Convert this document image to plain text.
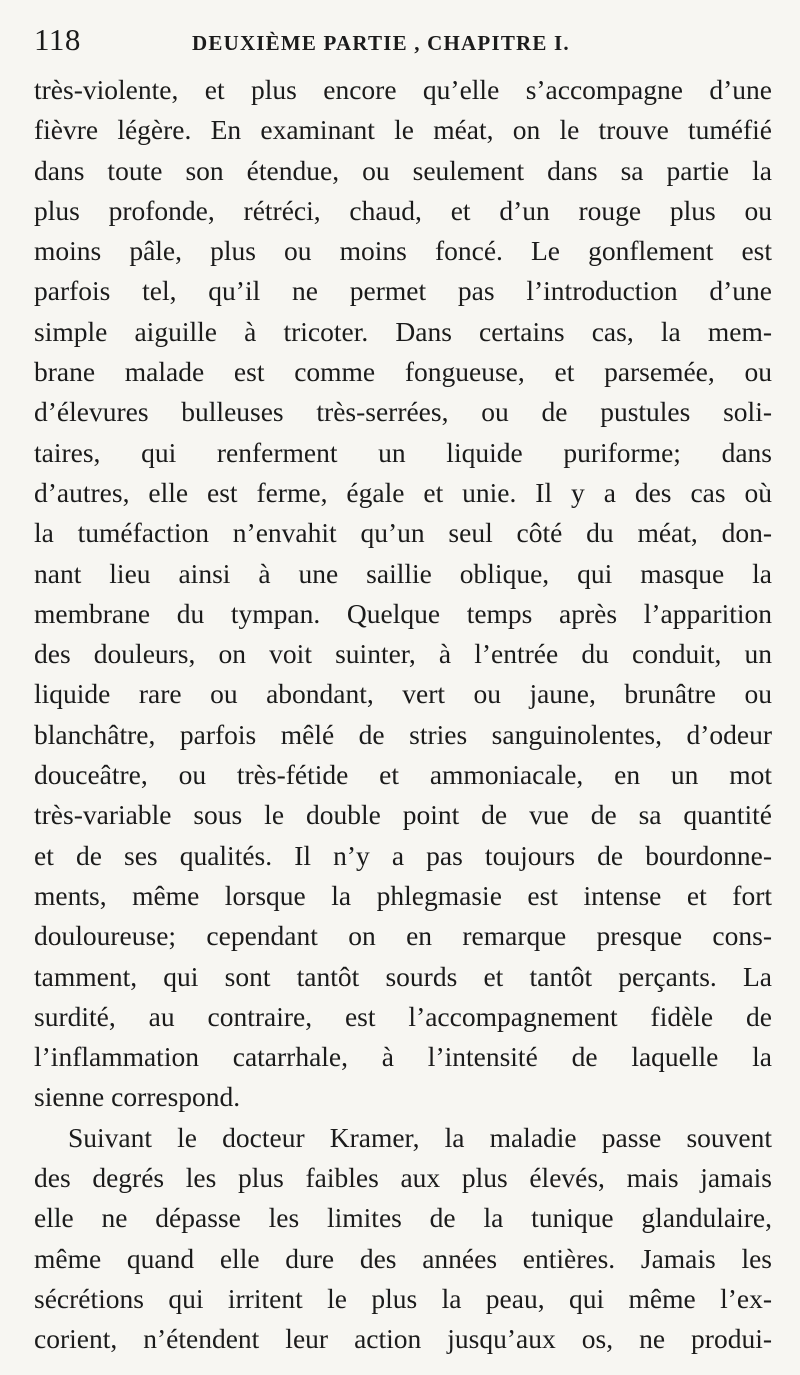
118	DEUXIÈME PARTIE , CHAPITRE I.
très-violente, et plus encore qu’elle s’accompagne d’une
fièvre légère. En examinant le méat, on le trouve tuméfié
dans toute son étendue, ou seulement dans sa partie la
plus profonde, rétréci, chaud, et d’un rouge plus ou
moins pâle, plus ou moins foncé. Le gonflement est
parfois tel, qu’il ne permet pas l’introduction d’une
simple aiguille à tricoter. Dans certains cas, la mem-
brane malade est comme fongueuse, et parsemée, ou
d’élevures bulleuses très-serrées, ou de pustules soli-
taires, qui renferment un liquide puriforme; dans
d’autres, elle est ferme, égale et unie. Il y a des cas où
la tuméfaction n’envahit qu’un seul côté du méat, don-
nant lieu ainsi à une saillie oblique, qui masque la
membrane du tympan. Quelque temps après l’apparition
des douleurs, on voit suinter, à l’entrée du conduit, un
liquide rare ou abondant, vert ou jaune, brunâtre ou
blanchâtre, parfois mêlé de stries sanguinolentes, d’odeur
douceâtre, ou très-fétide et ammoniacale, en un mot
très-variable sous le double point de vue de sa quantité
et de ses qualités. Il n’y a pas toujours de bourdonne-
ments, même lorsque la phlegmasie est intense et fort
douloureuse; cependant on en remarque presque cons-
tamment, qui sont tantôt sourds et tantôt perçants. La
surdité, au contraire, est l’accompagnement fidèle de
l’inflammation catarrhale, à l’intensité de laquelle la
sienne correspond.
Suivant le docteur Kramer, la maladie passe souvent
des degrés les plus faibles aux plus élevés, mais jamais
elle ne dépasse les limites de la tunique glandulaire,
même quand elle dure des années entières. Jamais les
sécrétions qui irritent le plus la peau, qui même l’ex-
corient, n’étendent leur action jusqu’aux os, ne produi-
